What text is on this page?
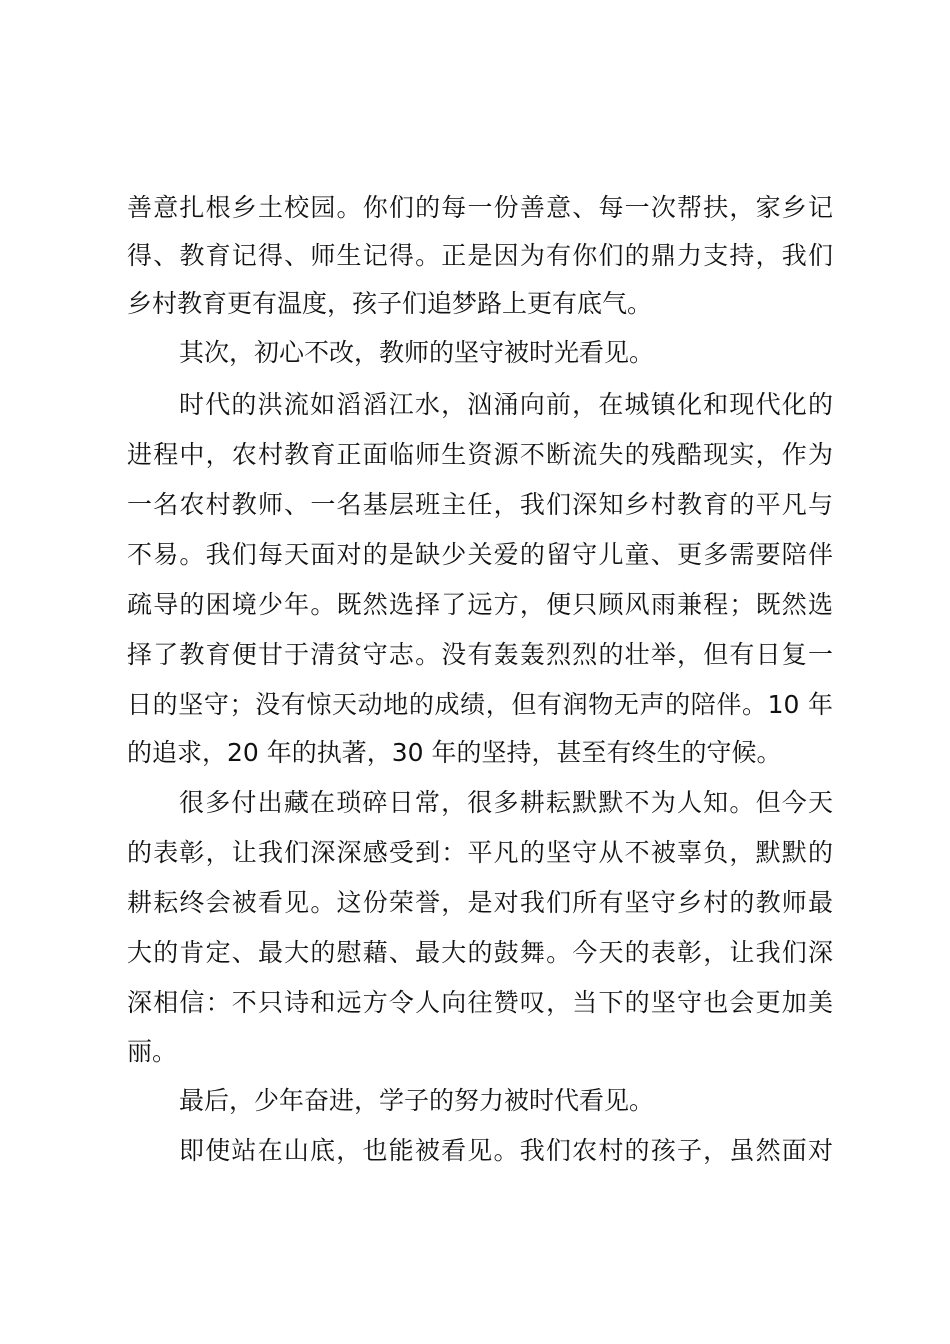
善意扎根乡土校园。你们的每一份善意、每一次帮扶，家乡记
得、教育记得、师生记得。正是因为有你们的鼎力支持，我们
乡村教育更有温度，孩子们追梦路上更有底气。
其次，初心不改，教师的坚守被时光看见。
时代的洪流如滔滔江水，汹涌向前，在城镇化和现代化的
进程中，农村教育正面临师生资源不断流失的残酷现实，作为
一名农村教师、一名基层班主任，我们深知乡村教育的平凡与
不易。我们每天面对的是缺少关爱的留守儿童、更多需要陪伴
疏导的困境少年。既然选择了远方，便只顾风雨兼程；既然选
择了教育便甘于清贫守志。没有轰轰烈烈的壮举，但有日复一
日的坚守；没有惊天动地的成绩，但有润物无声的陪伴。10 年
的追求，20 年的执著，30 年的坚持，甚至有终生的守候。
很多付出藏在琐碎日常，很多耕耘默默不为人知。但今天
的表彰，让我们深深感受到：平凡的坚守从不被辜负，默默的
耕耘终会被看见。这份荣誉，是对我们所有坚守乡村的教师最
大的肯定、最大的慰藉、最大的鼓舞。今天的表彰，让我们深
深相信：不只诗和远方令人向往赞叹，当下的坚守也会更加美
丽。
最后，少年奋进，学子的努力被时代看见。
即使站在山底，也能被看见。我们农村的孩子，虽然面对
